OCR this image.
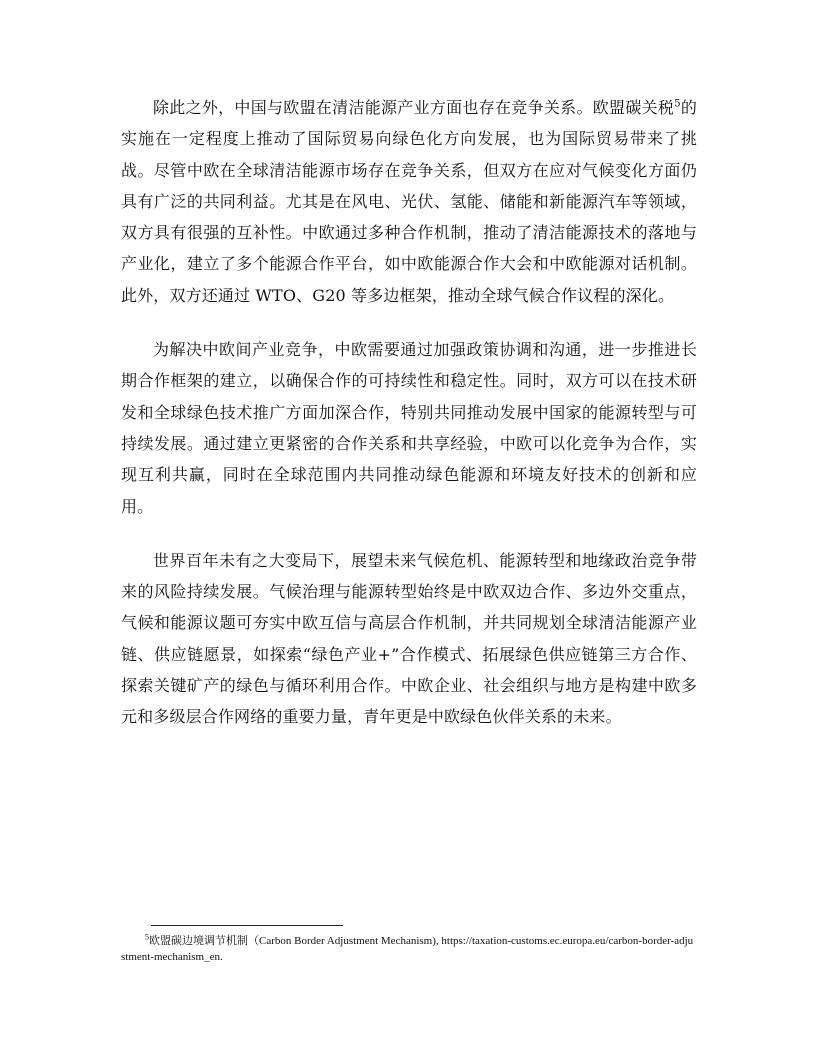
除此之外，中国与欧盟在清洁能源产业方面也存在竞争关系。欧盟碳关税$^5$的实施在一定程度上推动了国际贸易向绿色化方向发展，也为国际贸易带来了挑战。尽管中欧在全球清洁能源市场存在竞争关系，但双方在应对气候变化方面仍具有广泛的共同利益。尤其是在风电、光伏、氢能、储能和新能源汽车等领域，双方具有很强的互补性。中欧通过多种合作机制，推动了清洁能源技术的落地与产业化，建立了多个能源合作平台，如中欧能源合作大会和中欧能源对话机制。此外，双方还通过 WTO、G20 等多边框架，推动全球气候合作议程的深化。

为解决中欧间产业竞争，中欧需要通过加强政策协调和沟通，进一步推进长期合作框架的建立，以确保合作的可持续性和稳定性。同时，双方可以在技术研发和全球绿色技术推广方面加深合作，特别共同推动发展中国家的能源转型与可持续发展。通过建立更紧密的合作关系和共享经验，中欧可以化竞争为合作，实现互利共赢，同时在全球范围内共同推动绿色能源和环境友好技术的创新和应用。

世界百年未有之大变局下，展望未来气候危机、能源转型和地缘政治竞争带来的风险持续发展。气候治理与能源转型始终是中欧双边合作、多边外交重点，气候和能源议题可夯实中欧互信与高层合作机制，并共同规划全球清洁能源产业链、供应链愿景，如探索“绿色产业+”合作模式、拓展绿色供应链第三方合作、探索关键矿产的绿色与循环利用合作。中欧企业、社会组织与地方是构建中欧多元和多级层合作网络的重要力量，青年更是中欧绿色伙伴关系的未来。

$^5$欧盟碳边境调节机制（Carbon Border Adjustment Mechanism), https://taxation-customs.ec.europa.eu/carbon-border-adjustment-mechanism_en.
